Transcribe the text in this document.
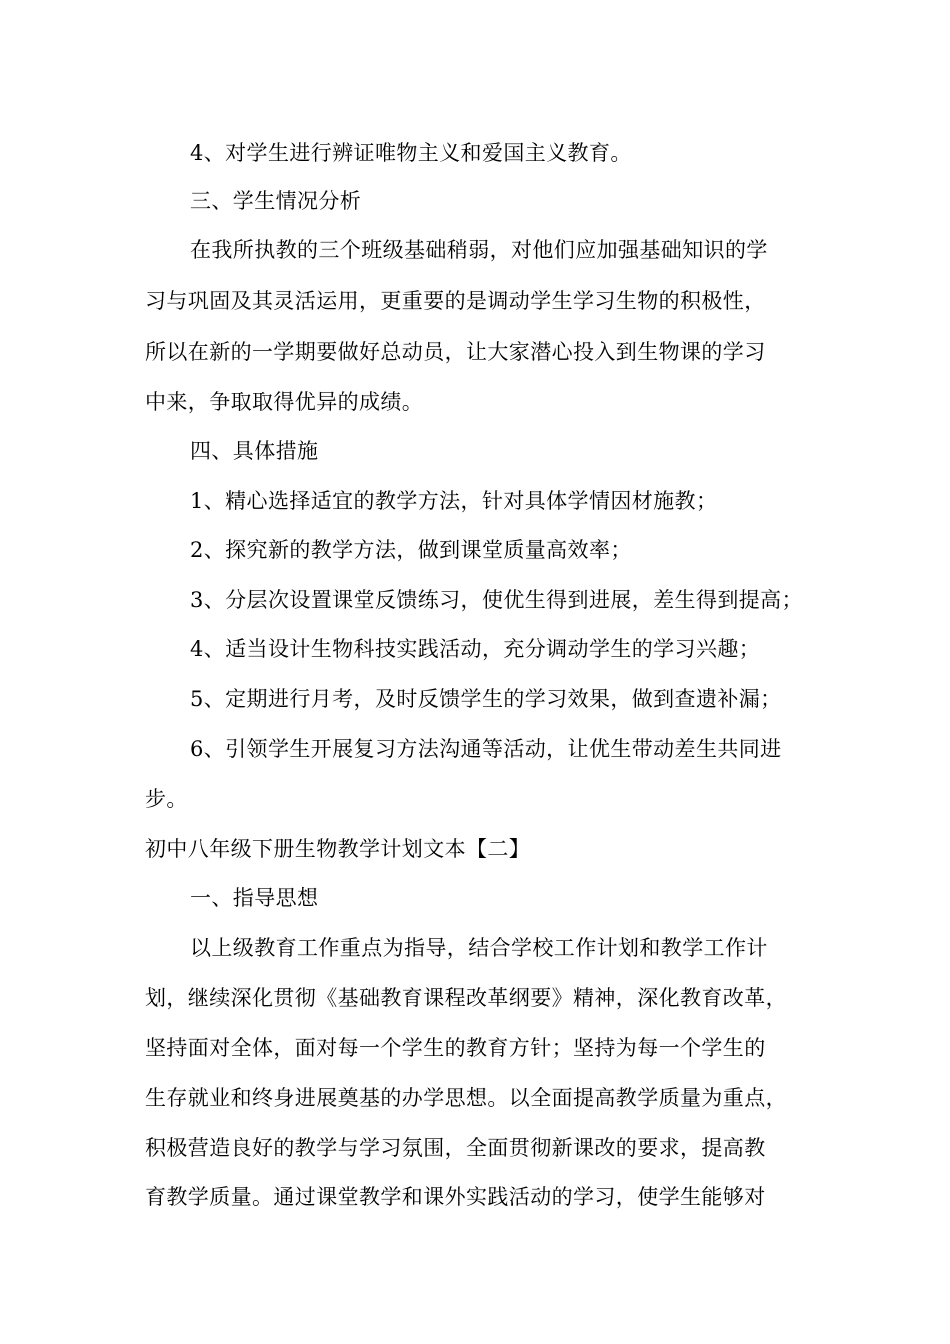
4、对学生进行辨证唯物主义和爱国主义教育。
三、学生情况分析
在我所执教的三个班级基础稍弱，对他们应加强基础知识的学
习与巩固及其灵活运用，更重要的是调动学生学习生物的积极性，
所以在新的一学期要做好总动员，让大家潜心投入到生物课的学习
中来，争取取得优异的成绩。
四、具体措施
1、精心选择适宜的教学方法，针对具体学情因材施教；
2、探究新的教学方法，做到课堂质量高效率；
3、分层次设置课堂反馈练习，使优生得到进展，差生得到提高；
4、适当设计生物科技实践活动，充分调动学生的学习兴趣；
5、定期进行月考，及时反馈学生的学习效果，做到查遗补漏；
6、引领学生开展复习方法沟通等活动，让优生带动差生共同进
步。
初中八年级下册生物教学计划文本【二】
一、指导思想
以上级教育工作重点为指导，结合学校工作计划和教学工作计
划，继续深化贯彻《基础教育课程改革纲要》精神，深化教育改革，
坚持面对全体，面对每一个学生的教育方针；坚持为每一个学生的
生存就业和终身进展奠基的办学思想。以全面提高教学质量为重点，
积极营造良好的教学与学习氛围，全面贯彻新课改的要求，提高教
育教学质量。通过课堂教学和课外实践活动的学习，使学生能够对
